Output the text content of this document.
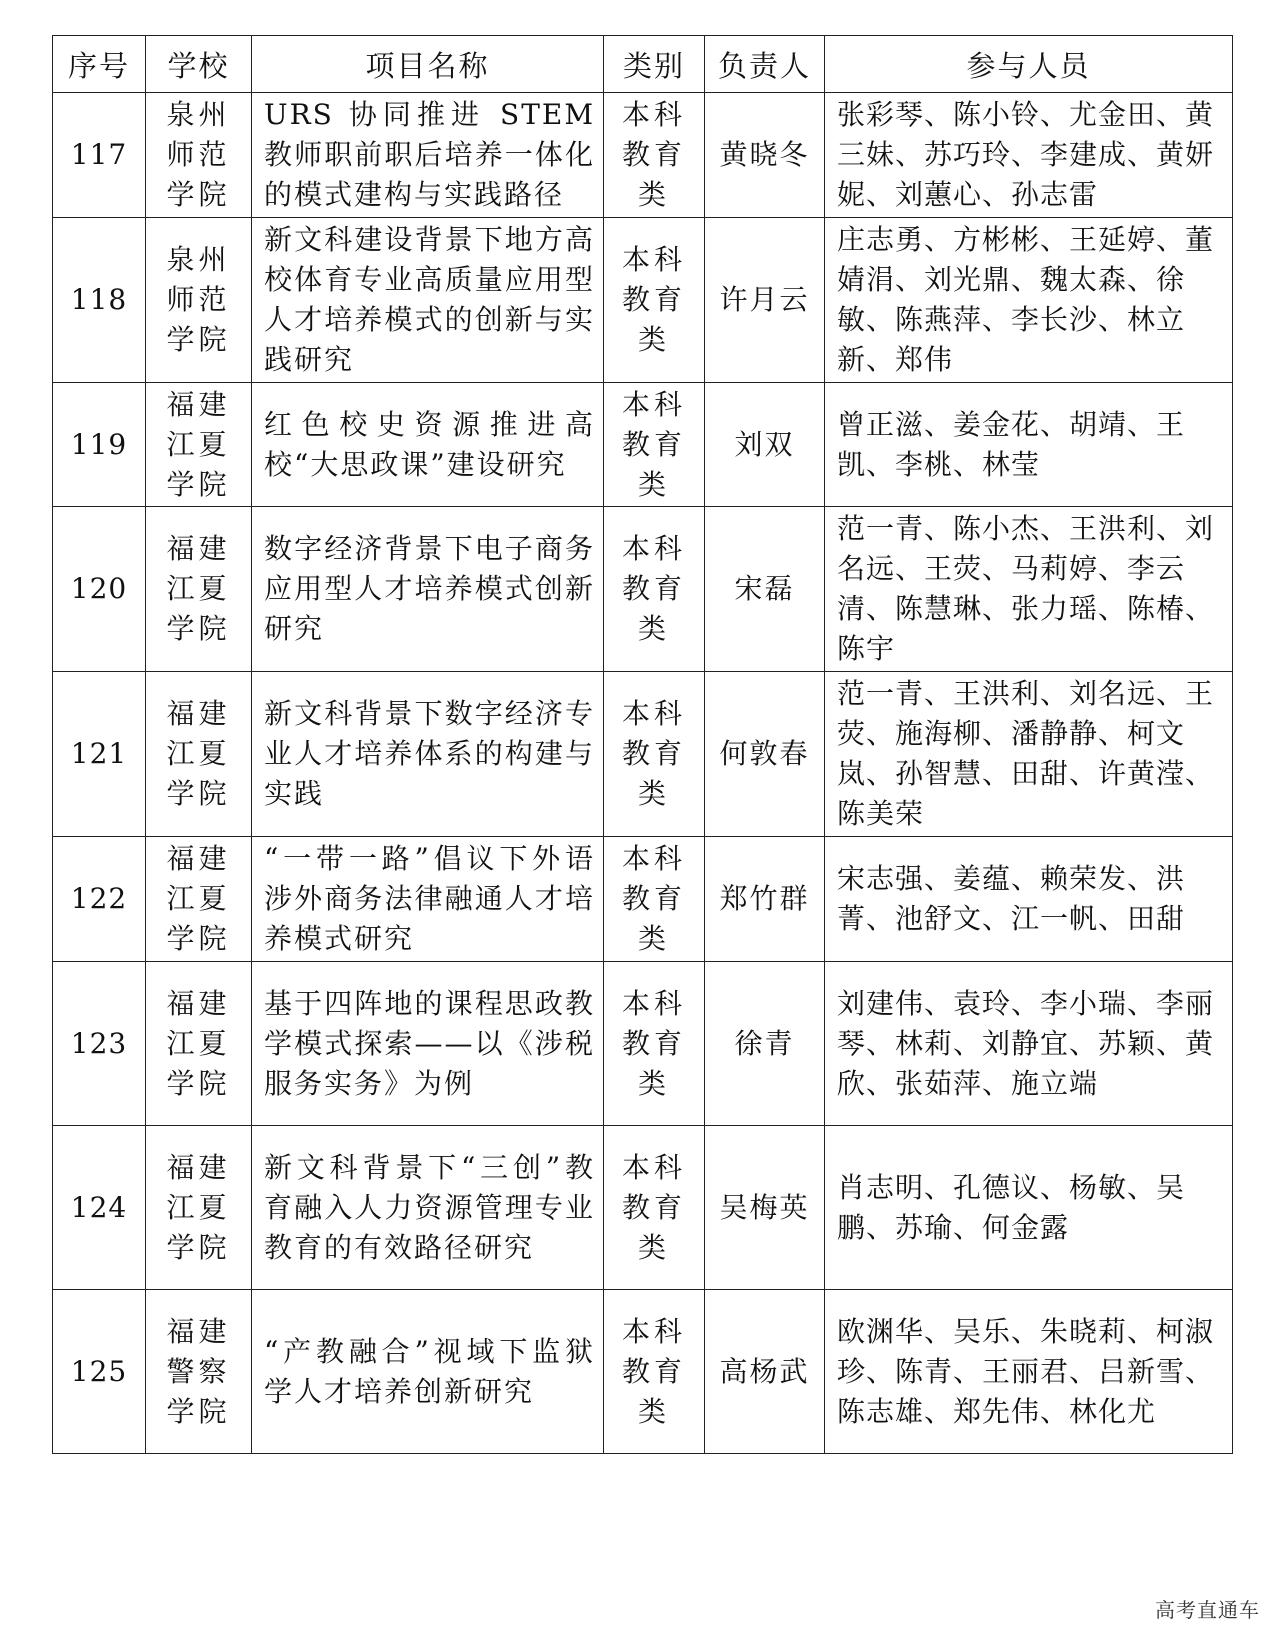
序号	学校	项目名称	类别	负责人	参与人员
117	泉州师范学院	URS 协同推进 STEM 教师职前职后培养一体化的模式建构与实践路径	本科教育类	黄晓冬	张彩琴、陈小铃、尤金田、黄三妹、苏巧玲、李建成、黄妍妮、刘蕙心、孙志雷

118	泉州师范学院	新文科建设背景下地方高校体育专业高质量应用型人才培养模式的创新与实践研究	本科教育类	许月云	庄志勇、方彬彬、王延婷、董婧涓、刘光鼎、魏太森、徐敏、陈燕萍、李长沙、林立新、郑伟

119	福建江夏学院	红色校史资源推进高校“大思政课”建设研究	本科教育类	刘双	曾正滋、姜金花、胡靖、王凯、李桃、林莹

120	福建江夏学院	数字经济背景下电子商务应用型人才培养模式创新研究	本科教育类	宋磊	范一青、陈小杰、王洪利、刘名远、王荧、马莉婷、李云清、陈慧琳、张力瑶、陈椿、陈宇

121	福建江夏学院	新文科背景下数字经济专业人才培养体系的构建与实践	本科教育类	何敦春	范一青、王洪利、刘名远、王荧、施海柳、潘静静、柯文岚、孙智慧、田甜、许黄滢、陈美荣

122	福建江夏学院	“一带一路”倡议下外语涉外商务法律融通人才培养模式研究	本科教育类	郑竹群	宋志强、姜蕴、赖荣发、洪菁、池舒文、江一帆、田甜

123	福建江夏学院	基于四阵地的课程思政教学模式探索——以《涉税服务实务》为例	本科教育类	徐青	刘建伟、袁玲、李小瑞、李丽琴、林莉、刘静宜、苏颖、黄欣、张茹萍、施立端

124	福建江夏学院	新文科背景下“三创”教育融入人力资源管理专业教育的有效路径研究	本科教育类	吴梅英	肖志明、孔德议、杨敏、吴鹏、苏瑜、何金露

125	福建警察学院	“产教融合”视域下监狱学人才培养创新研究	本科教育类	高杨武	欧渊华、吴乐、朱晓莉、柯淑珍、陈青、王丽君、吕新雪、陈志雄、郑先伟、林化尤
高考直通车
